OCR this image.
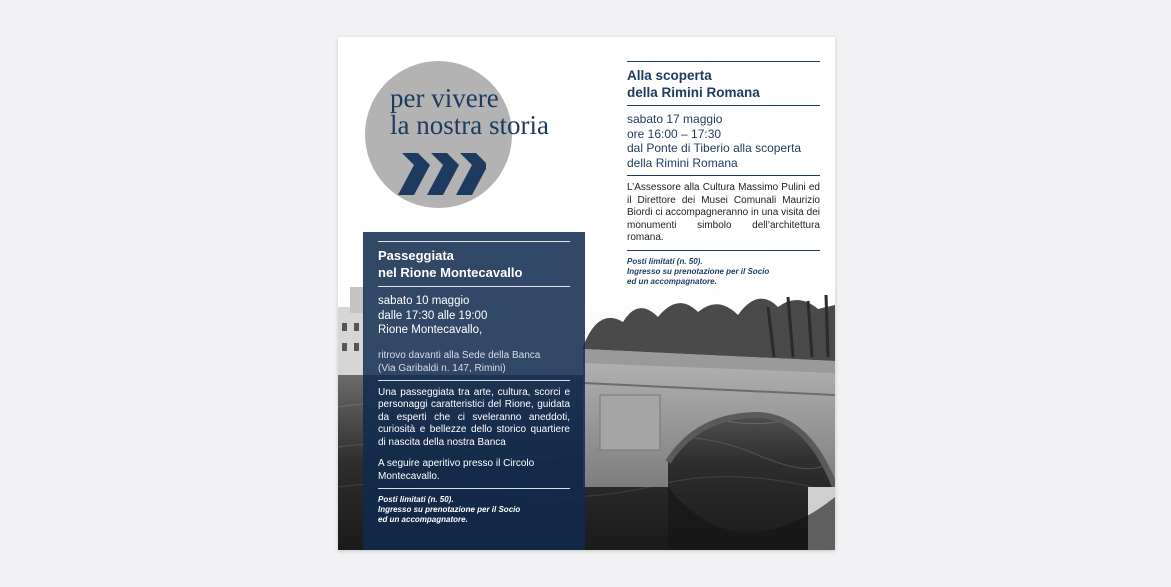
per vivere
la nostra storia
Alla scoperta
della Rimini Romana
sabato 17 maggio
ore 16:00 – 17:30
dal Ponte di Tiberio alla scoperta
della Rimini Romana
L’Assessore alla Cultura Massimo Pulini ed il Direttore dei Musei Comunali Maurizio Biordi ci accompagneranno in una visita dei monumenti simbolo dell’architettura romana.
Posti limitati (n. 50).
Ingresso su prenotazione per il Socio
ed un accompagnatore.
Passeggiata
nel Rione Montecavallo
sabato 10 maggio
dalle 17:30 alle 19:00
Rione Montecavallo,
ritrovo davanti alla Sede della Banca
(Via Garibaldi n. 147, Rimini)
Una passeggiata tra arte, cultura, scorci e personaggi caratteristici del Rione, guidata da esperti che ci sveleranno aneddoti, curiosità e bellezze dello storico quartiere di nascita della nostra Banca
A seguire aperitivo presso il Circolo Montecavallo.
Posti limitati (n. 50).
Ingresso su prenotazione per il Socio
ed un accompagnatore.
